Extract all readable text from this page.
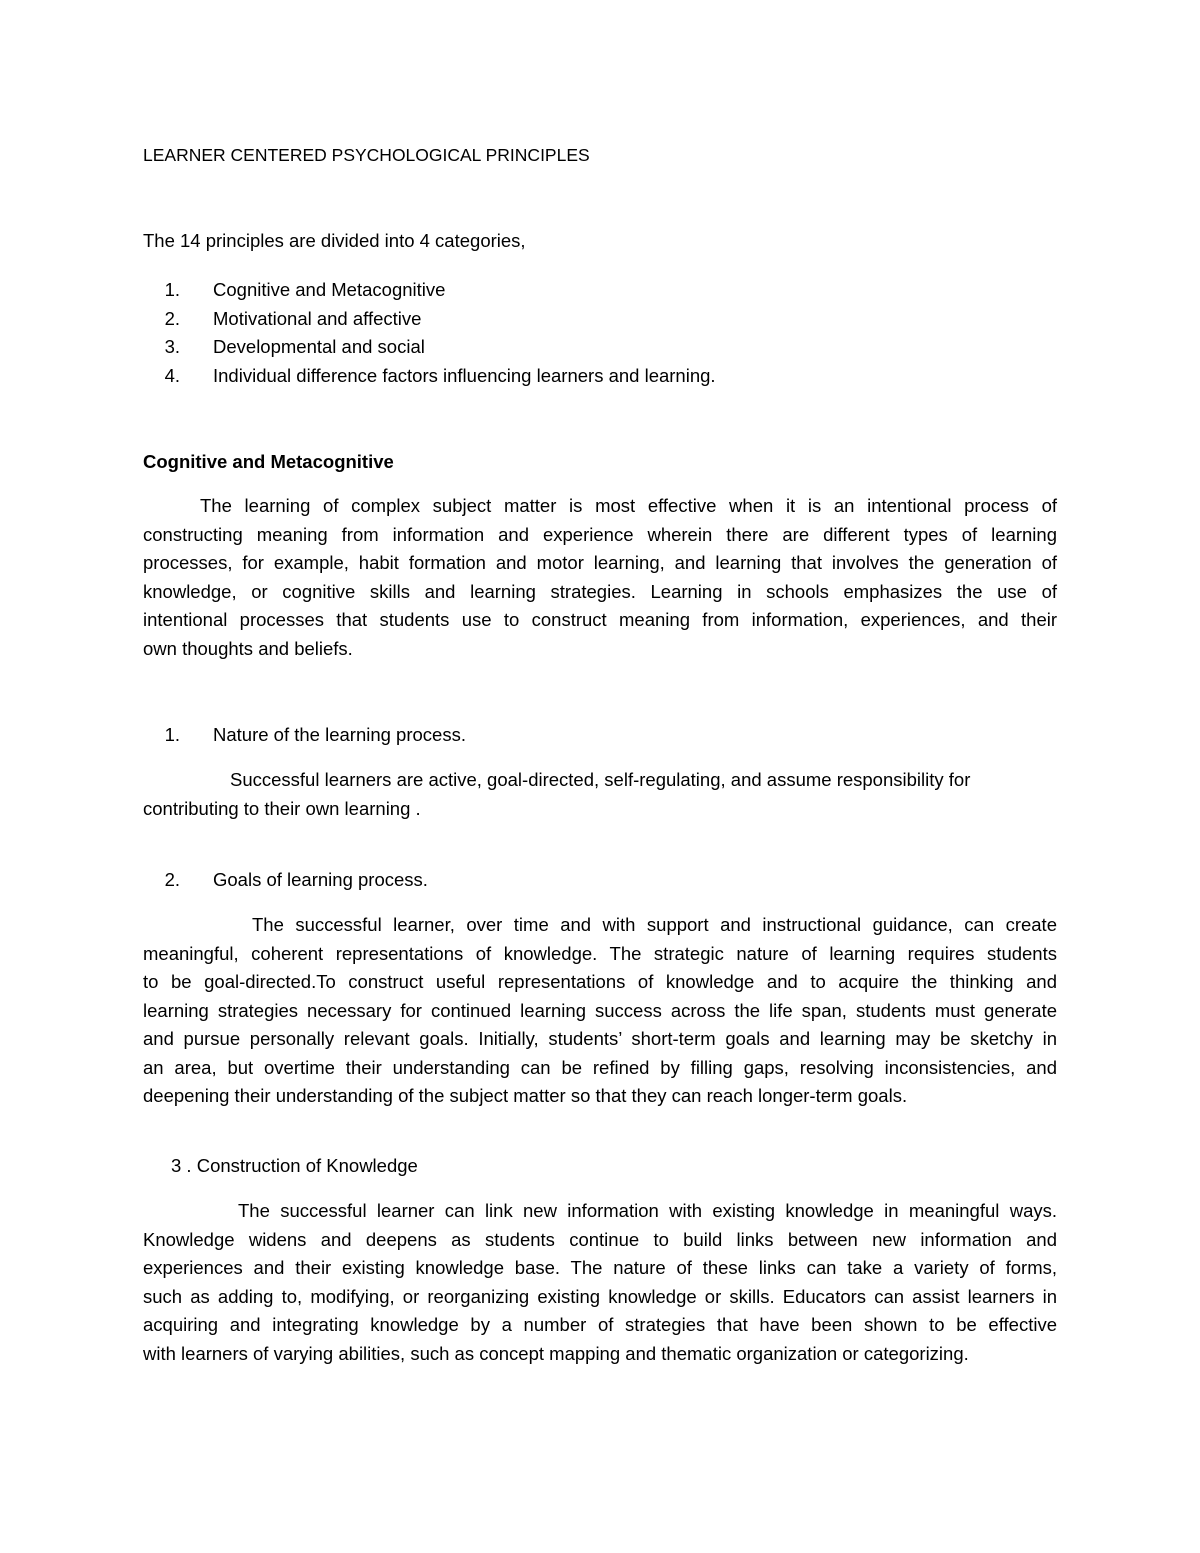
LEARNER CENTERED PSYCHOLOGICAL PRINCIPLES
The 14 principles are divided into 4 categories,
1. Cognitive and Metacognitive
2. Motivational and affective
3. Developmental and social
4. Individual difference factors influencing learners and learning.
Cognitive and Metacognitive
The learning of complex subject matter is most effective when it is an intentional process of
constructing meaning from information and experience wherein there are different types of learning
processes, for example, habit formation and motor learning, and learning that involves the generation of
knowledge, or cognitive skills and learning strategies. Learning in schools emphasizes the use of
intentional processes that students use to construct meaning from information, experiences, and their
own thoughts and beliefs.
1. Nature of the learning process.
Successful learners are active, goal-directed, self-regulating, and assume responsibility for
contributing to their own learning .
2. Goals of learning process.
The successful learner, over time and with support and instructional guidance, can create
meaningful, coherent representations of knowledge. The strategic nature of learning requires students
to be goal-directed.To construct useful representations of knowledge and to acquire the thinking and
learning strategies necessary for continued learning success across the life span, students must generate
and pursue personally relevant goals. Initially, students’ short-term goals and learning may be sketchy in
an area, but overtime their understanding can be refined by filling gaps, resolving inconsistencies, and
deepening their understanding of the subject matter so that they can reach longer-term goals.
3 . Construction of Knowledge
The successful learner can link new information with existing knowledge in meaningful ways.
Knowledge widens and deepens as students continue to build links between new information and
experiences and their existing knowledge base. The nature of these links can take a variety of forms,
such as adding to, modifying, or reorganizing existing knowledge or skills. Educators can assist learners in
acquiring and integrating knowledge by a number of strategies that have been shown to be effective
with learners of varying abilities, such as concept mapping and thematic organization or categorizing.
